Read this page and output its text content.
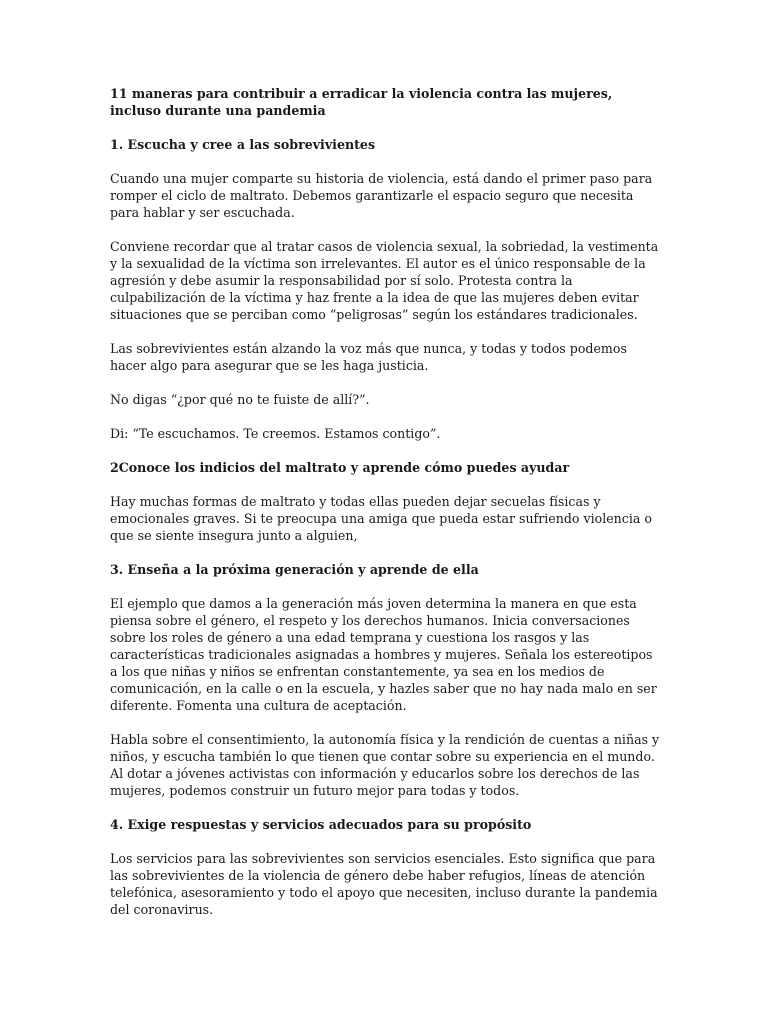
11 maneras para contribuir a erradicar la violencia contra las mujeres, incluso durante una pandemia

1. Escucha y cree a las sobrevivientes

Cuando una mujer comparte su historia de violencia, está dando el primer paso para romper el ciclo de maltrato. Debemos garantizarle el espacio seguro que necesita para hablar y ser escuchada.

Conviene recordar que al tratar casos de violencia sexual, la sobriedad, la vestimenta y la sexualidad de la víctima son irrelevantes. El autor es el único responsable de la agresión y debe asumir la responsabilidad por sí solo. Protesta contra la culpabilización de la víctima y haz frente a la idea de que las mujeres deben evitar situaciones que se perciban como “peligrosas” según los estándares tradicionales.

Las sobrevivientes están alzando la voz más que nunca, y todas y todos podemos hacer algo para asegurar que se les haga justicia.

No digas “¿por qué no te fuiste de allí?”.

Di: “Te escuchamos. Te creemos. Estamos contigo”.

2Conoce los indicios del maltrato y aprende cómo puedes ayudar

Hay muchas formas de maltrato y todas ellas pueden dejar secuelas físicas y emocionales graves. Si te preocupa una amiga que pueda estar sufriendo violencia o que se siente insegura junto a alguien,

3. Enseña a la próxima generación y aprende de ella

El ejemplo que damos a la generación más joven determina la manera en que esta piensa sobre el género, el respeto y los derechos humanos. Inicia conversaciones sobre los roles de género a una edad temprana y cuestiona los rasgos y las características tradicionales asignadas a hombres y mujeres. Señala los estereotipos a los que niñas y niños se enfrentan constantemente, ya sea en los medios de comunicación, en la calle o en la escuela, y hazles saber que no hay nada malo en ser diferente. Fomenta una cultura de aceptación.

Habla sobre el consentimiento, la autonomía física y la rendición de cuentas a niñas y niños, y escucha también lo que tienen que contar sobre su experiencia en el mundo. Al dotar a jóvenes activistas con información y educarlos sobre los derechos de las mujeres, podemos construir un futuro mejor para todas y todos.

4. Exige respuestas y servicios adecuados para su propósito

Los servicios para las sobrevivientes son servicios esenciales. Esto significa que para las sobrevivientes de la violencia de género debe haber refugios, líneas de atención telefónica, asesoramiento y todo el apoyo que necesiten, incluso durante la pandemia del coronavirus.
